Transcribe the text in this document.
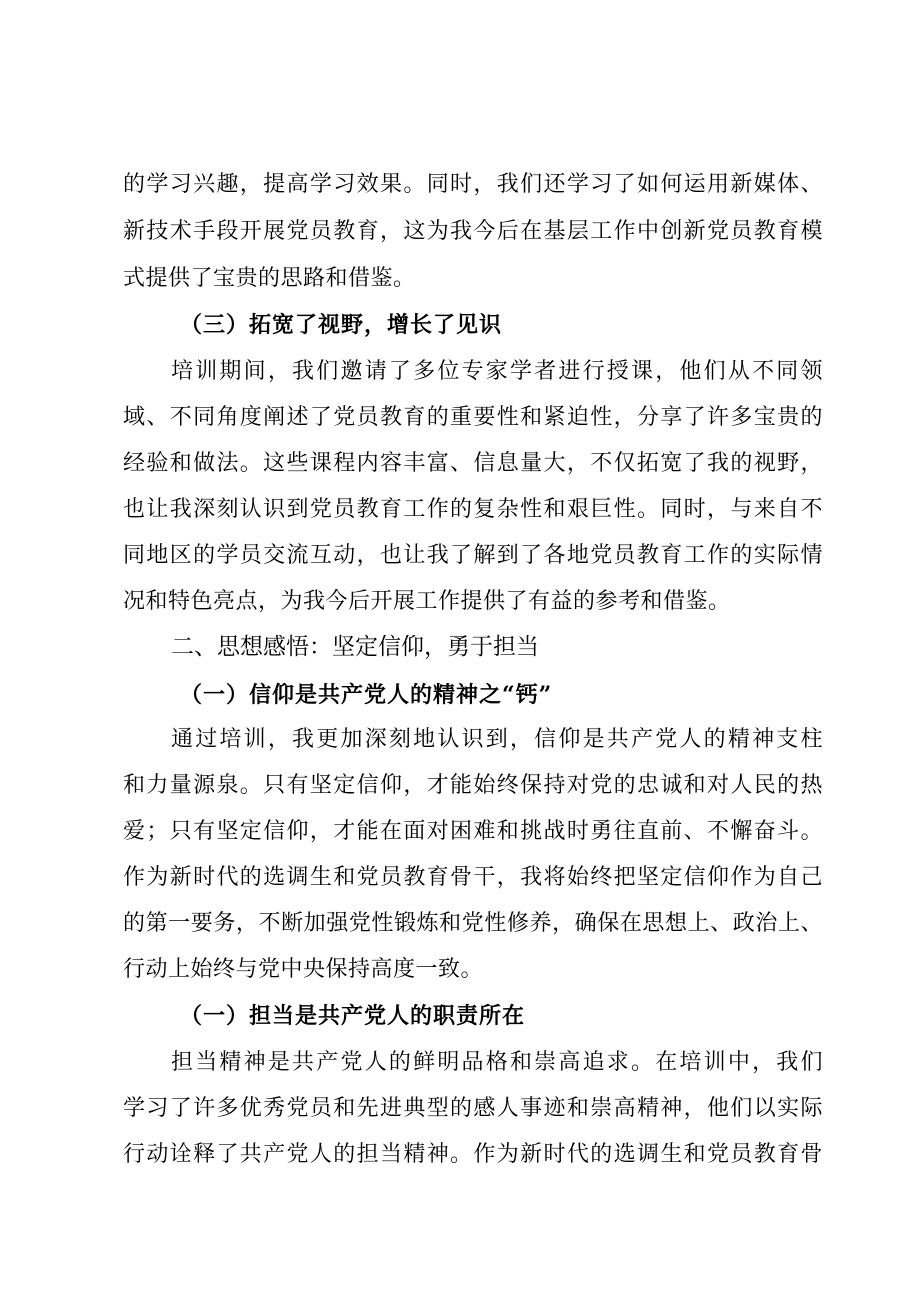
的学习兴趣，提高学习效果。同时，我们还学习了如何运用新媒体、
新技术手段开展党员教育，这为我今后在基层工作中创新党员教育模
式提供了宝贵的思路和借鉴。
（三）拓宽了视野，增长了见识
培训期间，我们邀请了多位专家学者进行授课，他们从不同领
域、不同角度阐述了党员教育的重要性和紧迫性，分享了许多宝贵的
经验和做法。这些课程内容丰富、信息量大，不仅拓宽了我的视野，
也让我深刻认识到党员教育工作的复杂性和艰巨性。同时，与来自不
同地区的学员交流互动，也让我了解到了各地党员教育工作的实际情
况和特色亮点，为我今后开展工作提供了有益的参考和借鉴。
二、思想感悟：坚定信仰，勇于担当
（一）信仰是共产党人的精神之“钙”
通过培训，我更加深刻地认识到，信仰是共产党人的精神支柱
和力量源泉。只有坚定信仰，才能始终保持对党的忠诚和对人民的热
爱；只有坚定信仰，才能在面对困难和挑战时勇往直前、不懈奋斗。
作为新时代的选调生和党员教育骨干，我将始终把坚定信仰作为自己
的第一要务，不断加强党性锻炼和党性修养，确保在思想上、政治上、
行动上始终与党中央保持高度一致。
（一）担当是共产党人的职责所在
担当精神是共产党人的鲜明品格和崇高追求。在培训中，我们
学习了许多优秀党员和先进典型的感人事迹和崇高精神，他们以实际
行动诠释了共产党人的担当精神。作为新时代的选调生和党员教育骨
